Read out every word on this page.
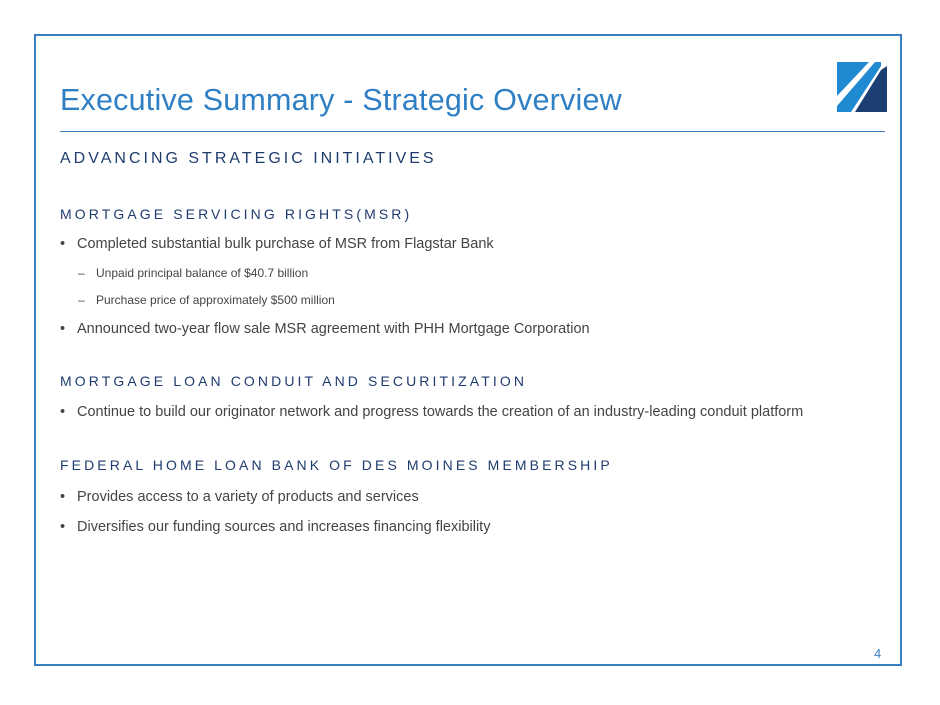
Executive Summary - Strategic Overview
ADVANCING STRATEGIC INITIATIVES
MORTGAGE SERVICING RIGHTS(MSR)
• Completed substantial bulk purchase of MSR from Flagstar Bank
– Unpaid principal balance of $40.7 billion
– Purchase price of approximately $500 million
• Announced two-year flow sale MSR agreement with PHH Mortgage Corporation
MORTGAGE LOAN CONDUIT AND SECURITIZATION
• Continue to build our originator network and progress towards the creation of an industry-leading conduit platform
FEDERAL HOME LOAN BANK OF DES MOINES MEMBERSHIP
• Provides access to a variety of products and services
• Diversifies our funding sources and increases financing flexibility
4
